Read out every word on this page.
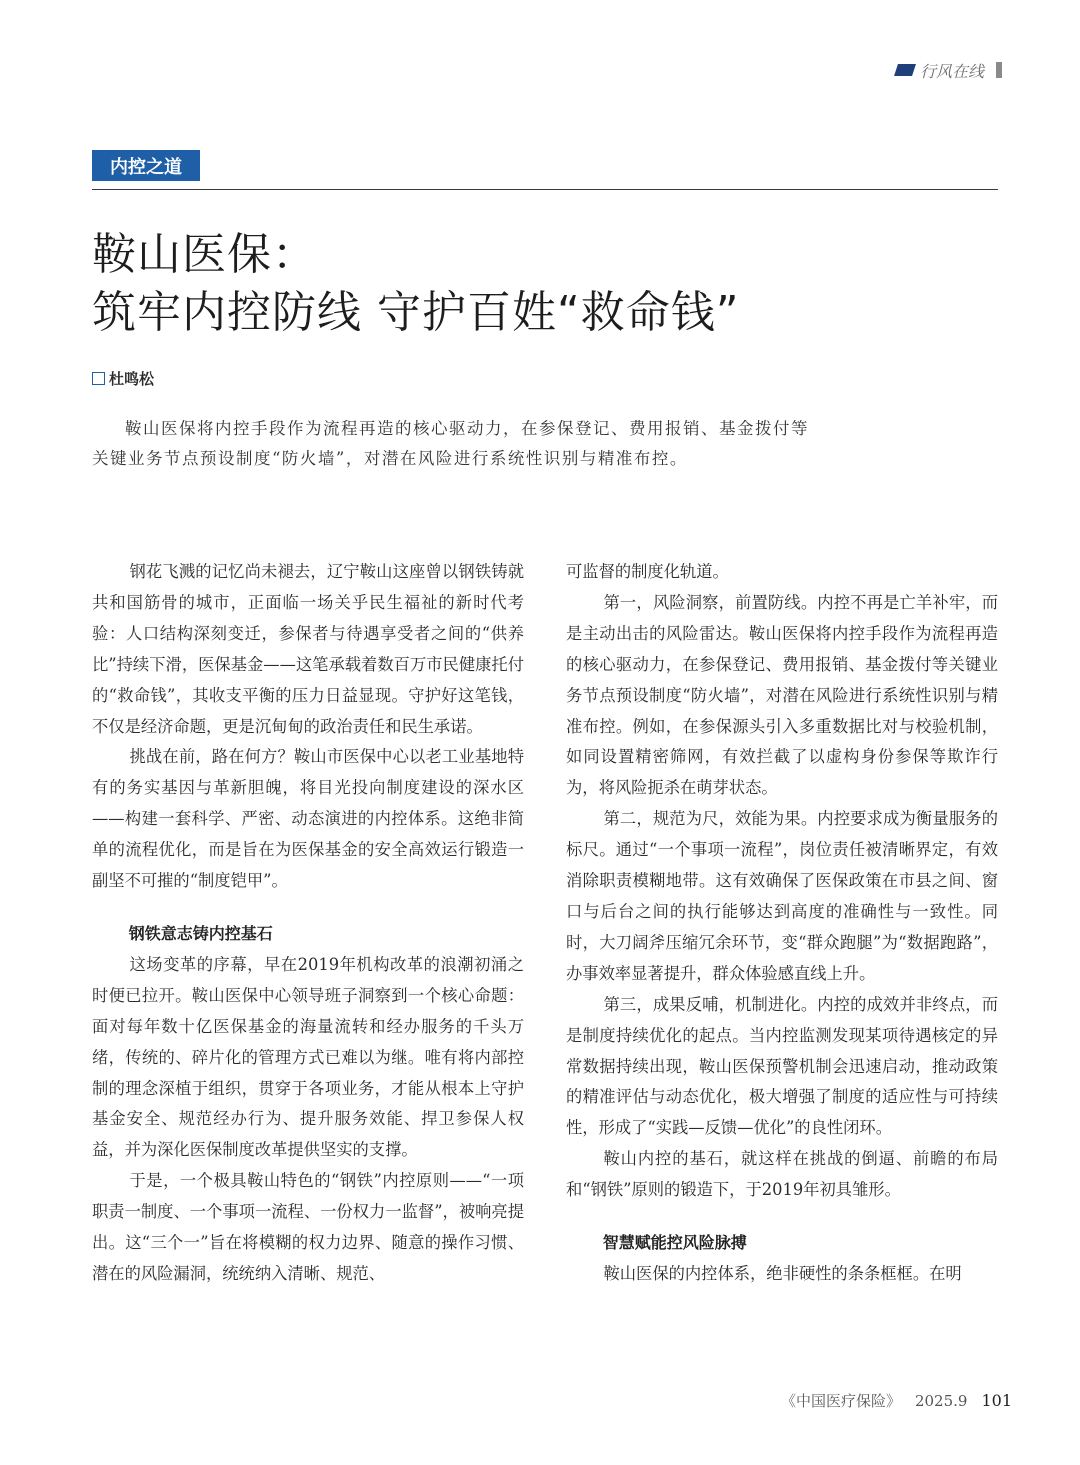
行风在线
内控之道
鞍山医保：
筑牢内控防线 守护百姓“救命钱”
杜鸣松

鞍山医保将内控手段作为流程再造的核心驱动力，在参保登记、费用报销、基金拨付等

关键业务节点预设制度“防火墙”，对潜在风险进行系统性识别与精准布控。

钢花飞溅的记忆尚未褪去，辽宁鞍山这座曾以钢铁铸就共和国筋骨的城市，正面临一场关乎民生福祉的新时代考验：人口结构深刻变迁，参保者与待遇享受者之间的“供养比”持续下滑，医保基金——这笔承载着数百万市民健康托付的“救命钱”，其收支平衡的压力日益显现。守护好这笔钱，不仅是经济命题，更是沉甸甸的政治责任和民生承诺。

挑战在前，路在何方？鞍山市医保中心以老工业基地特有的务实基因与革新胆魄，将目光投向制度建设的深水区——构建一套科学、严密、动态演进的内控体系。这绝非简单的流程优化，而是旨在为医保基金的安全高效运行锻造一副坚不可摧的“制度铠甲”。

钢铁意志铸内控基石

这场变革的序幕，早在2019年机构改革的浪潮初涌之时便已拉开。鞍山医保中心领导班子洞察到一个核心命题：面对每年数十亿医保基金的海量流转和经办服务的千头万绪，传统的、碎片化的管理方式已难以为继。唯有将内部控制的理念深植于组织，贯穿于各项业务，才能从根本上守护基金安全、规范经办行为、提升服务效能、捍卫参保人权益，并为深化医保制度改革提供坚实的支撑。

于是，一个极具鞍山特色的“钢铁”内控原则——“一项职责一制度、一个事项一流程、一份权力一监督”，被响亮提出。这“三个一”旨在将模糊的权力边界、随意的操作习惯、潜在的风险漏洞，统统纳入清晰、规范、

可监督的制度化轨道。

第一，风险洞察，前置防线。内控不再是亡羊补牢，而是主动出击的风险雷达。鞍山医保将内控手段作为流程再造的核心驱动力，在参保登记、费用报销、基金拨付等关键业务节点预设制度“防火墙”，对潜在风险进行系统性识别与精准布控。例如，在参保源头引入多重数据比对与校验机制，如同设置精密筛网，有效拦截了以虚构身份参保等欺诈行为，将风险扼杀在萌芽状态。

第二，规范为尺，效能为果。内控要求成为衡量服务的标尺。通过“一个事项一流程”，岗位责任被清晰界定，有效消除职责模糊地带。这有效确保了医保政策在市县之间、窗口与后台之间的执行能够达到高度的准确性与一致性。同时，大刀阔斧压缩冗余环节，变“群众跑腿”为“数据跑路”，办事效率显著提升，群众体验感直线上升。

第三，成果反哺，机制进化。内控的成效并非终点，而是制度持续优化的起点。当内控监测发现某项待遇核定的异常数据持续出现，鞍山医保预警机制会迅速启动，推动政策的精准评估与动态优化，极大增强了制度的适应性与可持续性，形成了“实践—反馈—优化”的良性闭环。

鞍山内控的基石，就这样在挑战的倒逼、前瞻的布局和“钢铁”原则的锻造下，于2019年初具雏形。

智慧赋能控风险脉搏

鞍山医保的内控体系，绝非硬性的条条框框。在明

《中国医疗保险》 2025.9 101
